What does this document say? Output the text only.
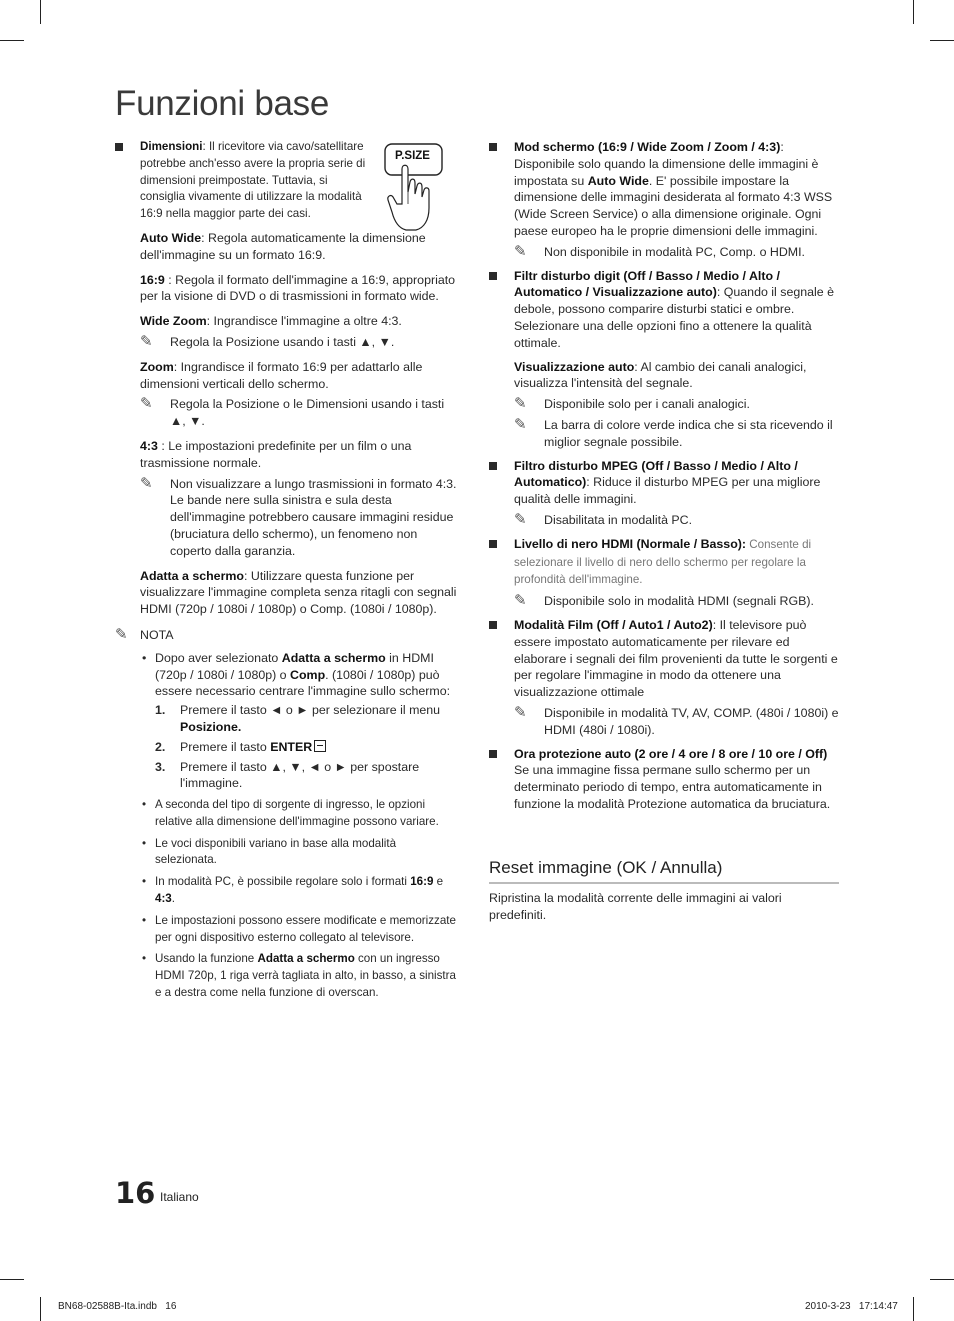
Funzioni base
P.SIZE

Dimensioni: Il ricevitore via cavo/satellitare potrebbe anch'esso avere la propria serie di dimensioni preimpostate. Tuttavia, si consiglia vivamente di utilizzare la modalità 16:9 nella maggior parte dei casi.

Auto Wide: Regola automaticamente la dimensione dell'immagine su un formato 16:9.

16:9 : Regola il formato dell'immagine a 16:9, appropriato per la visione di DVD o di trasmissioni in formato wide.

Wide Zoom: Ingrandisce l'immagine a oltre 4:3.

✎ Regola la Posizione usando i tasti ▲, ▼.

Zoom: Ingrandisce il formato 16:9 per adattarlo alle dimensioni verticali dello schermo.

✎ Regola la Posizione o le Dimensioni usando i tasti ▲, ▼.

4:3 : Le impostazioni predefinite per un film o una trasmissione normale.

✎ Non visualizzare a lungo trasmissioni in formato 4:3. Le bande nere sulla sinistra e sula desta dell'immagine potrebbero causare immagini residue (bruciatura dello schermo), un fenomeno non coperto dalla garanzia.

Adatta a schermo: Utilizzare questa funzione per visualizzare l'immagine completa senza ritagli con segnali HDMI (720p / 1080i / 1080p) o Comp. (1080i / 1080p).

✎ NOTA
• Dopo aver selezionato Adatta a schermo in HDMI (720p / 1080i / 1080p) o Comp. (1080i / 1080p) può essere necessario centrare l'immagine sullo schermo:
1. Premere il tasto ◄ o ► per selezionare il menu Posizione.
2. Premere il tasto ENTER
3. Premere il tasto ▲, ▼, ◄ o ► per spostare l'immagine.
• A seconda del tipo di sorgente di ingresso, le opzioni relative alla dimensione dell'immagine possono variare.
• Le voci disponibili variano in base alla modalità selezionata.
• In modalità PC, è possibile regolare solo i formati 16:9 e 4:3.
• Le impostazioni possono essere modificate e memorizzate per ogni dispositivo esterno collegato al televisore.
• Usando la funzione Adatta a schermo con un ingresso HDMI 720p, 1 riga verrà tagliata in alto, in basso, a sinistra e a destra come nella funzione di overscan.

Mod schermo (16:9 / Wide Zoom / Zoom / 4:3): Disponibile solo quando la dimensione delle immagini è impostata su Auto Wide. E' possibile impostare la dimensione delle immagini desiderata al formato 4:3 WSS (Wide Screen Service) o alla dimensione originale. Ogni paese europeo ha le proprie dimensioni delle immagini.

✎ Non disponibile in modalità PC, Comp. o HDMI.

Filtr disturbo digit (Off / Basso / Medio / Alto / Automatico / Visualizzazione auto): Quando il segnale è debole, possono comparire disturbi statici e ombre. Selezionare una delle opzioni fino a ottenere la qualità ottimale.

Visualizzazione auto: Al cambio dei canali analogici, visualizza l'intensità del segnale.

✎ Disponibile solo per i canali analogici.
✎ La barra di colore verde indica che si sta ricevendo il miglior segnale possibile.

Filtro disturbo MPEG (Off / Basso / Medio / Alto / Automatico): Riduce il disturbo MPEG per una migliore qualità delle immagini.

✎ Disabilitata in modalità PC.

Livello di nero HDMI (Normale / Basso): Consente di selezionare il livello di nero dello schermo per regolare la profondità dell'immagine.

✎ Disponibile solo in modalità HDMI (segnali RGB).

Modalità Film (Off / Auto1 / Auto2): Il televisore può essere impostato automaticamente per rilevare ed elaborare i segnali dei film provenienti da tutte le sorgenti e per regolare l'immagine in modo da ottenere una visualizzazione ottimale

✎ Disponibile in modalità TV, AV, COMP. (480i / 1080i) e HDMI (480i / 1080i).

Ora protezione auto (2 ore / 4 ore / 8 ore / 10 ore / Off) Se una immagine fissa permane sullo schermo per un determinato periodo di tempo, entra automaticamente in funzione la modalità Protezione automatica da bruciatura.

Reset immagine (OK / Annulla)

Ripristina la modalità corrente delle immagini ai valori predefiniti.

16 Italiano
BN68-02588B-Ita.indb   16	2010-3-23   17:14:47
